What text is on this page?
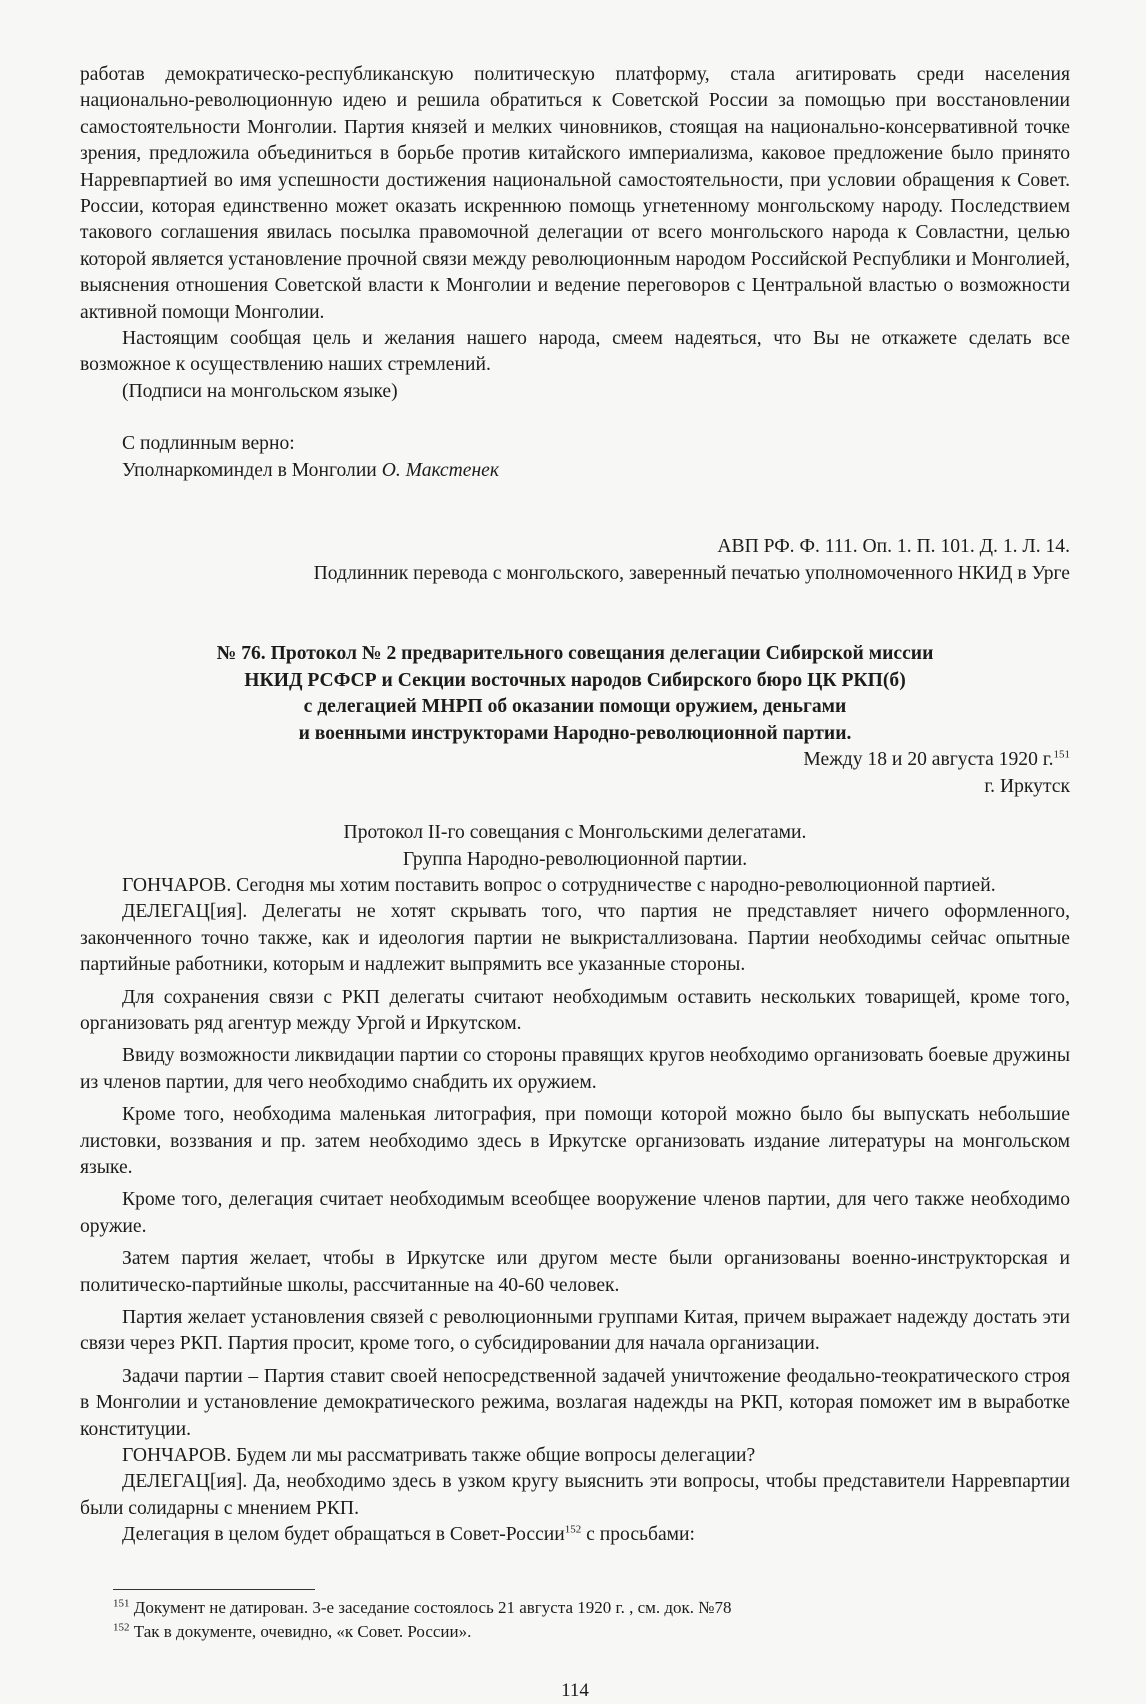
работав демократическо-республиканскую политическую платформу, стала агитировать среди населения национально-революционную идею и решила обратиться к Советской России за помощью при восстановлении самостоятельности Монголии. Партия князей и мелких чиновников, стоящая на национально-консервативной точке зрения, предложила объединиться в борьбе против китайского империализма, каковое предложение было принято Нарревпартией во имя успешности достижения национальной самостоятельности, при условии обращения к Совет. России, которая единственно может оказать искреннюю помощь угнетенному монгольскому народу. Последствием такового соглашения явилась посылка правомочной делегации от всего монгольского народа к Совластни, целью которой является установление прочной связи между революционным народом Российской Республики и Монголией, выяснения отношения Советской власти к Монголии и ведение переговоров с Центральной властью о возможности активной помощи Монголии.

Настоящим сообщая цель и желания нашего народа, смеем надеяться, что Вы не откажете сделать все возможное к осуществлению наших стремлений.

(Подписи на монгольском языке)

С подлинным верно:

Уполнаркоминдел в Монголии О. Макстенек

АВП РФ. Ф. 111. Оп. 1. П. 101. Д. 1. Л. 14.

Подлинник перевода с монгольского, заверенный печатью уполномоченного НКИД в Урге

№ 76. Протокол № 2 предварительного совещания делегации Сибирской миссии
НКИД РСФСР и Секции восточных народов Сибирского бюро ЦК РКП(б)
с делегацией МНРП об оказании помощи оружием, деньгами
и военными инструкторами Народно-революционной партии.

Между 18 и 20 августа 1920 г.$^{151}$

г. Иркутск

Протокол II-го совещания с Монгольскими делегатами.

Группа Народно-революционной партии.

ГОНЧАРОВ. Сегодня мы хотим поставить вопрос о сотрудничестве с народно-революционной партией.

ДЕЛЕГАЦ[ия]. Делегаты не хотят скрывать того, что партия не представляет ничего оформленного, законченного точно также, как и идеология партии не выкристаллизована. Партии необходимы сейчас опытные партийные работники, которым и надлежит выпрямить все указанные стороны.

Для сохранения связи с РКП делегаты считают необходимым оставить нескольких товарищей, кроме того, организовать ряд агентур между Ургой и Иркутском.

Ввиду возможности ликвидации партии со стороны правящих кругов необходимо организовать боевые дружины из членов партии, для чего необходимо снабдить их оружием.

Кроме того, необходима маленькая литография, при помощи которой можно было бы выпускать небольшие листовки, воззвания и пр. затем необходимо здесь в Иркутске организовать издание литературы на монгольском языке.

Кроме того, делегация считает необходимым всеобщее вооружение членов партии, для чего также необходимо оружие.

Затем партия желает, чтобы в Иркутске или другом месте были организованы военно-инструкторская и политическо-партийные школы, рассчитанные на 40-60 человек.

Партия желает установления связей с революционными группами Китая, причем выражает надежду достать эти связи через РКП. Партия просит, кроме того, о субсидировании для начала организации.

Задачи партии – Партия ставит своей непосредственной задачей уничтожение феодально-теократического строя в Монголии и установление демократического режима, возлагая надежды на РКП, которая поможет им в выработке конституции.

ГОНЧАРОВ. Будем ли мы рассматривать также общие вопросы делегации?

ДЕЛЕГАЦ[ия]. Да, необходимо здесь в узком кругу выяснить эти вопросы, чтобы представители Нарревпартии были солидарны с мнением РКП.

Делегация в целом будет обращаться в Совет-России$^{152}$ с просьбами:

$^{151}$ Документ не датирован. 3-е заседание состоялось 21 августа 1920 г. , см. док. №78

$^{152}$ Так в документе, очевидно, «к Совет. России».

114
